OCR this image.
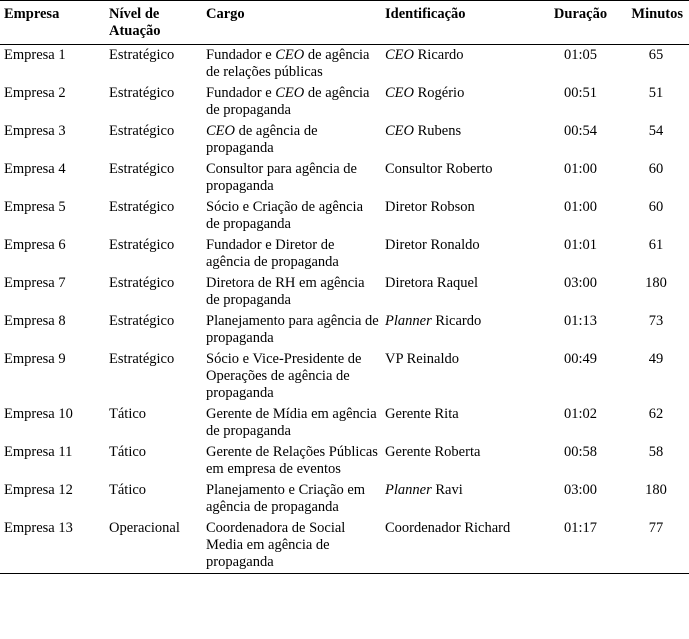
Empresa	Nível de Atuação	Cargo	Identificação	Duração	Minutos
Empresa 1	Estratégico	Fundador e CEO de agência de relações públicas	CEO Ricardo	01:05	65
Empresa 2	Estratégico	Fundador e CEO de agência de propaganda	CEO Rogério	00:51	51
Empresa 3	Estratégico	CEO de agência de propaganda	CEO Rubens	00:54	54
Empresa 4	Estratégico	Consultor para agência de propaganda	Consultor Roberto	01:00	60
Empresa 5	Estratégico	Sócio e Criação de agência de propaganda	Diretor Robson	01:00	60
Empresa 6	Estratégico	Fundador e Diretor de agência de propaganda	Diretor Ronaldo	01:01	61
Empresa 7	Estratégico	Diretora de RH em agência de propaganda	Diretora Raquel	03:00	180
Empresa 8	Estratégico	Planejamento para agência de propaganda	Planner Ricardo	01:13	73
Empresa 9	Estratégico	Sócio e Vice-Presidente de Operações de agência de propaganda	VP Reinaldo	00:49	49
Empresa 10	Tático	Gerente de Mídia em agência de propaganda	Gerente Rita	01:02	62
Empresa 11	Tático	Gerente de Relações Públicas em empresa de eventos	Gerente Roberta	00:58	58
Empresa 12	Tático	Planejamento e Criação em agência de propaganda	Planner Ravi	03:00	180
Empresa 13	Operacional	Coordenadora de Social Media em agência de propaganda	Coordenador Richard	01:17	77
